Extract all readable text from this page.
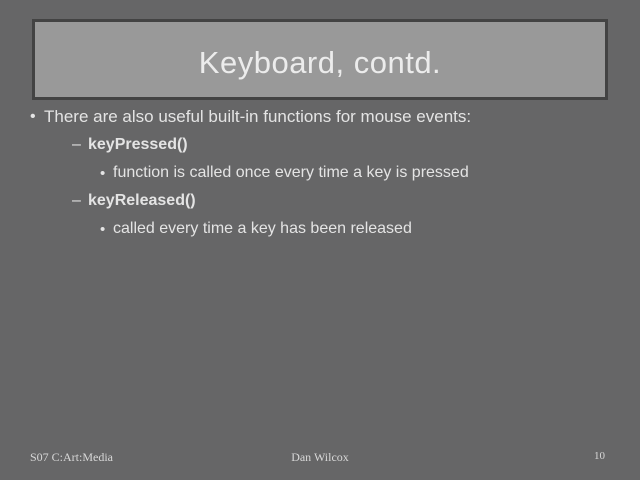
Keyboard, contd.
• There are also useful built-in functions for mouse events:
– keyPressed()
• function is called once every time a key is pressed
– keyReleased()
• called every time a key has been released
S07 C:Art:Media	Dan Wilcox	10
